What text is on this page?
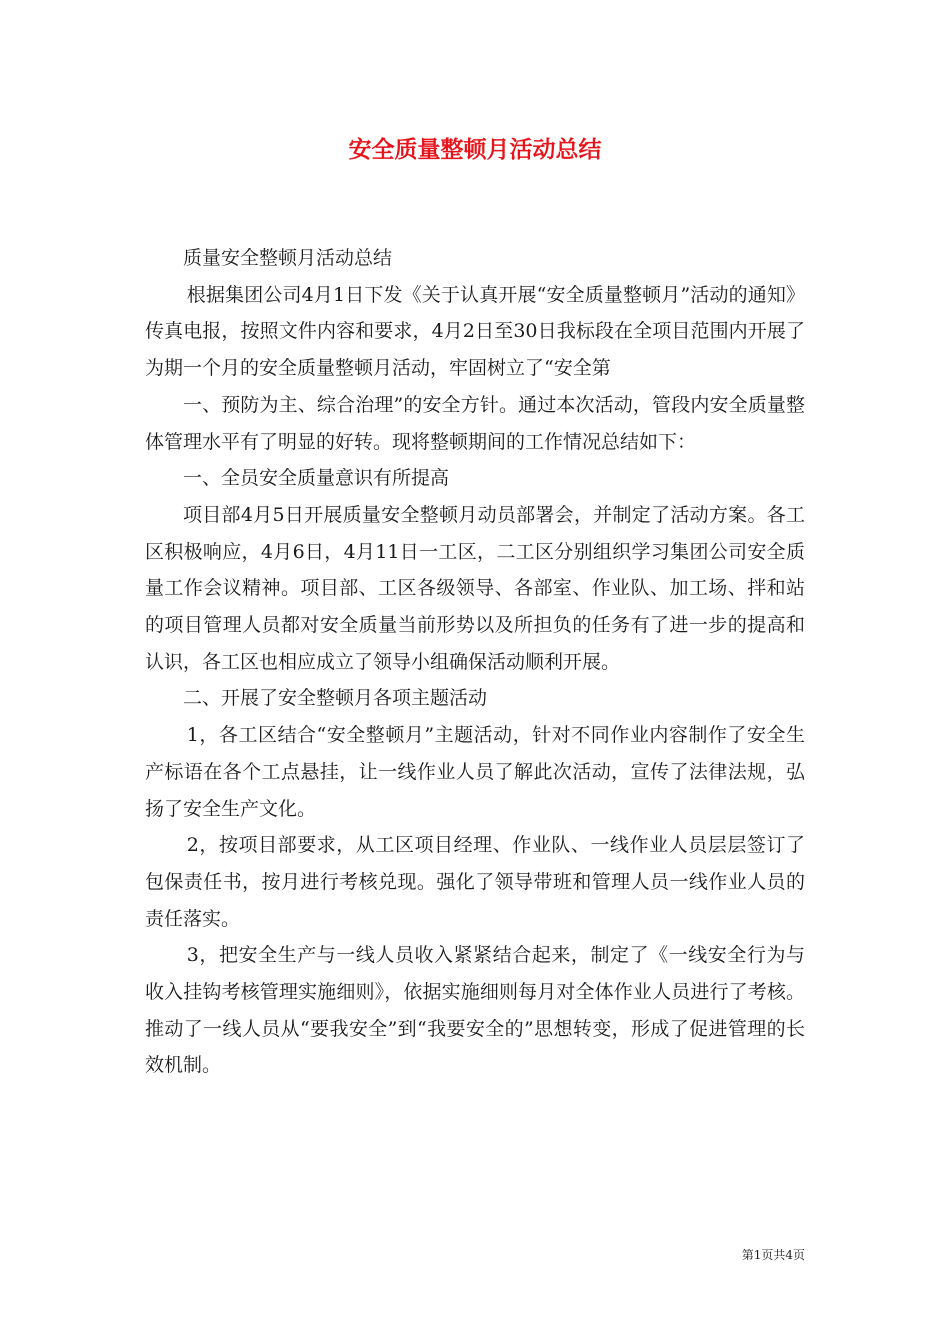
安全质量整顿月活动总结

质量安全整顿月活动总结

根据集团公司4月1日下发《关于认真开展“安全质量整顿月”活动的通知》传真电报，按照文件内容和要求，4月2日至30日我标段在全项目范围内开展了为期一个月的安全质量整顿月活动，牢固树立了“安全第

一、预防为主、综合治理”的安全方针。通过本次活动，管段内安全质量整体管理水平有了明显的好转。现将整顿期间的工作情况总结如下：

一、全员安全质量意识有所提高

项目部4月5日开展质量安全整顿月动员部署会，并制定了活动方案。各工区积极响应，4月6日，4月11日一工区，二工区分别组织学习集团公司安全质量工作会议精神。项目部、工区各级领导、各部室、作业队、加工场、拌和站的项目管理人员都对安全质量当前形势以及所担负的任务有了进一步的提高和认识，各工区也相应成立了领导小组确保活动顺利开展。

二、开展了安全整顿月各项主题活动

1，各工区结合“安全整顿月”主题活动，针对不同作业内容制作了安全生产标语在各个工点悬挂，让一线作业人员了解此次活动，宣传了法律法规，弘扬了安全生产文化。

2，按项目部要求，从工区项目经理、作业队、一线作业人员层层签订了包保责任书，按月进行考核兑现。强化了领导带班和管理人员一线作业人员的责任落实。

3，把安全生产与一线人员收入紧紧结合起来，制定了《一线安全行为与收入挂钩考核管理实施细则》，依据实施细则每月对全体作业人员进行了考核。推动了一线人员从“要我安全”到“我要安全的”思想转变，形成了促进管理的长效机制。

第1页共4页
